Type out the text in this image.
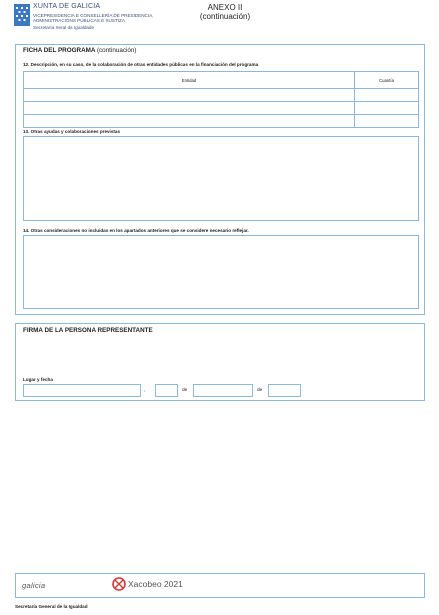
XUNTA DE GALICIA
VICEPRESIDENCIA E CONSELLERÍA DE PRESIDENCIA,
ADMINISTRACIÓNS PÚBLICAS E XUSTIZA
Secretaría Xeral da Igualdade
ANEXO II
(continuación)
FICHA DEL PROGRAMA (continuación)
12. Descripción, en su caso, de la colaboración de otras entidades públicas en la financiación del programa
Entidad	Cuantía

13. Otras ayudas y colaboraciones previstas
14. Otras consideraciones no incluidas en los apartados anteriores que se considere necesario reflejar.
FIRMA DE LA PERSONA REPRESENTANTE
Lugar y fecha
,	de	de
galicia	Xacobeo 2021
Secretaría General de la Igualdad
